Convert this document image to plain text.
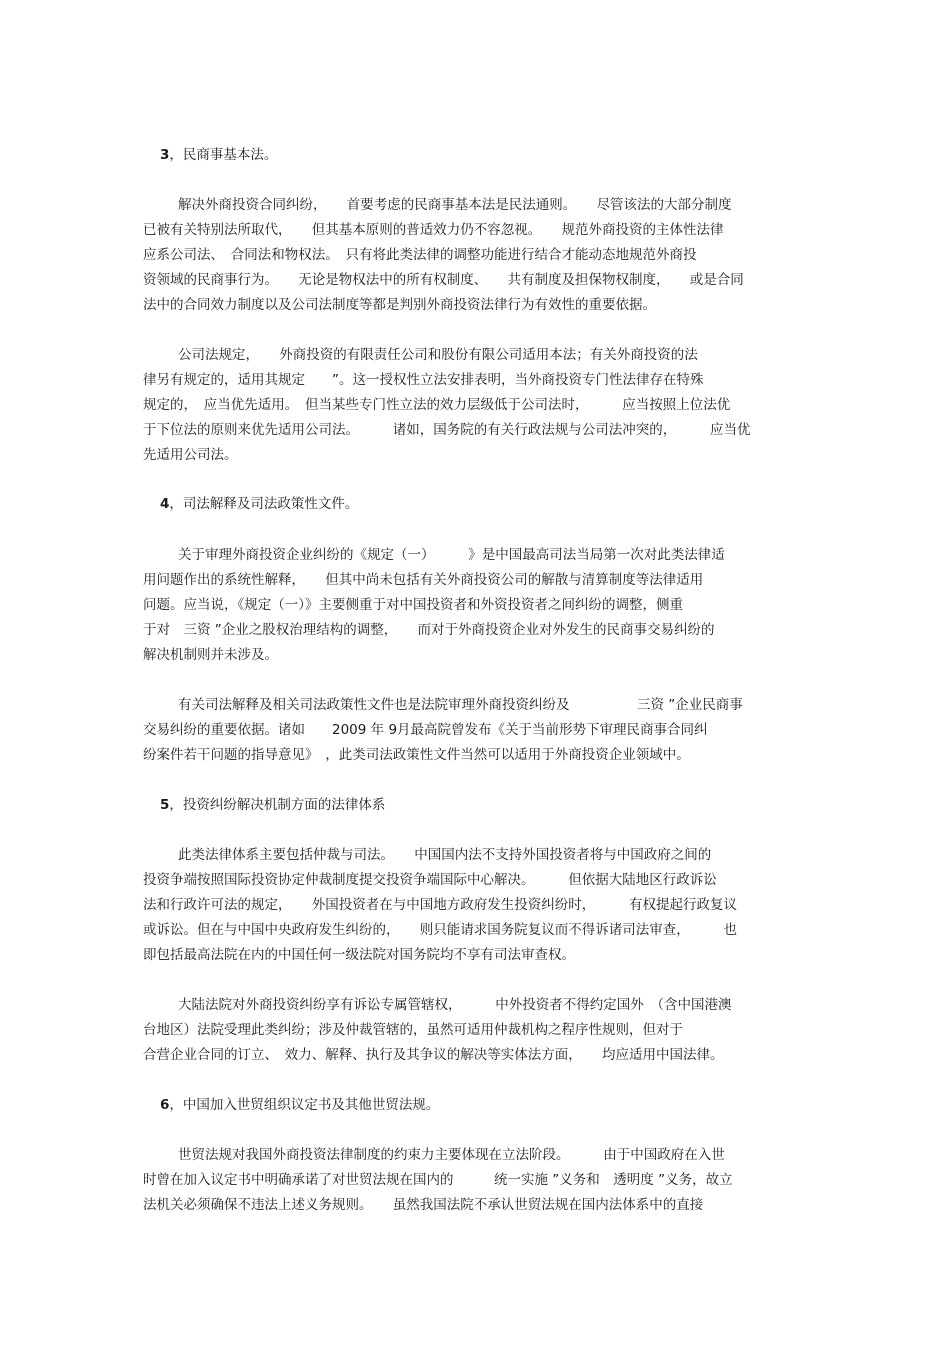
3，民商事基本法。
解决外商投资合同纠纷，　　首要考虑的民商事基本法是民法通则。　　尽管该法的大部分制度
已被有关特别法所取代，　　但其基本原则的普适效力仍不容忽视。　　规范外商投资的主体性法律
应系公司法、　合同法和物权法。　只有将此类法律的调整功能进行结合才能动态地规范外商投
资领域的民商事行为。　　无论是物权法中的所有权制度、　　共有制度及担保物权制度，　　或是合同
法中的合同效力制度以及公司法制度等都是判别外商投资法律行为有效性的重要依据。
公司法规定，　　外商投资的有限责任公司和股份有限公司适用本法；有关外商投资的法
律另有规定的，适用其规定　　”。这一授权性立法安排表明，当外商投资专门性法律存在特殊
规定的，　应当优先适用。　但当某些专门性立法的效力层级低于公司法时，　　　应当按照上位法优
于下位法的原则来优先适用公司法。　　　诸如，国务院的有关行政法规与公司法冲突的，　　　应当优
先适用公司法。
4，司法解释及司法政策性文件。
关于审理外商投资企业纠纷的《规定（一）　　　》是中国最高司法当局第一次对此类法律适
用问题作出的系统性解释，　　但其中尚未包括有关外商投资公司的解散与清算制度等法律适用
问题。应当说，《规定（一）》主要侧重于对中国投资者和外资投资者之间纠纷的调整，侧重
于对　三资 ”企业之股权治理结构的调整，　　而对于外商投资企业对外发生的民商事交易纠纷的
解决机制则并未涉及。
有关司法解释及相关司法政策性文件也是法院审理外商投资纠纷及　　　　　三资 ”企业民商事
交易纠纷的重要依据。诸如　　2009 年 9月最高院曾发布《关于当前形势下审理民商事合同纠
纷案件若干问题的指导意见》　，此类司法政策性文件当然可以适用于外商投资企业领域中。
5，投资纠纷解决机制方面的法律体系
此类法律体系主要包括仲裁与司法。　　中国国内法不支持外国投资者将与中国政府之间的
投资争端按照国际投资协定仲裁制度提交投资争端国际中心解决。　　　但依据大陆地区行政诉讼
法和行政许可法的规定，　　外国投资者在与中国地方政府发生投资纠纷时，　　　有权提起行政复议
或诉讼。但在与中国中央政府发生纠纷的，　　则只能请求国务院复议而不得诉诸司法审查，　　　也
即包括最高法院在内的中国任何一级法院对国务院均不享有司法审查权。
大陆法院对外商投资纠纷享有诉讼专属管辖权，　　　中外投资者不得约定国外　（含中国港澳
台地区）法院受理此类纠纷；涉及仲裁管辖的，虽然可适用仲裁机构之程序性规则，但对于
合营企业合同的订立、　效力、解释、执行及其争议的解决等实体法方面，　　均应适用中国法律。
6，中国加入世贸组织议定书及其他世贸法规。
世贸法规对我国外商投资法律制度的约束力主要体现在立法阶段。　　　由于中国政府在入世
时曾在加入议定书中明确承诺了对世贸法规在国内的　　　统一实施 ”义务和　透明度 ”义务，故立
法机关必须确保不违法上述义务规则。　　虽然我国法院不承认世贸法规在国内法体系中的直接
